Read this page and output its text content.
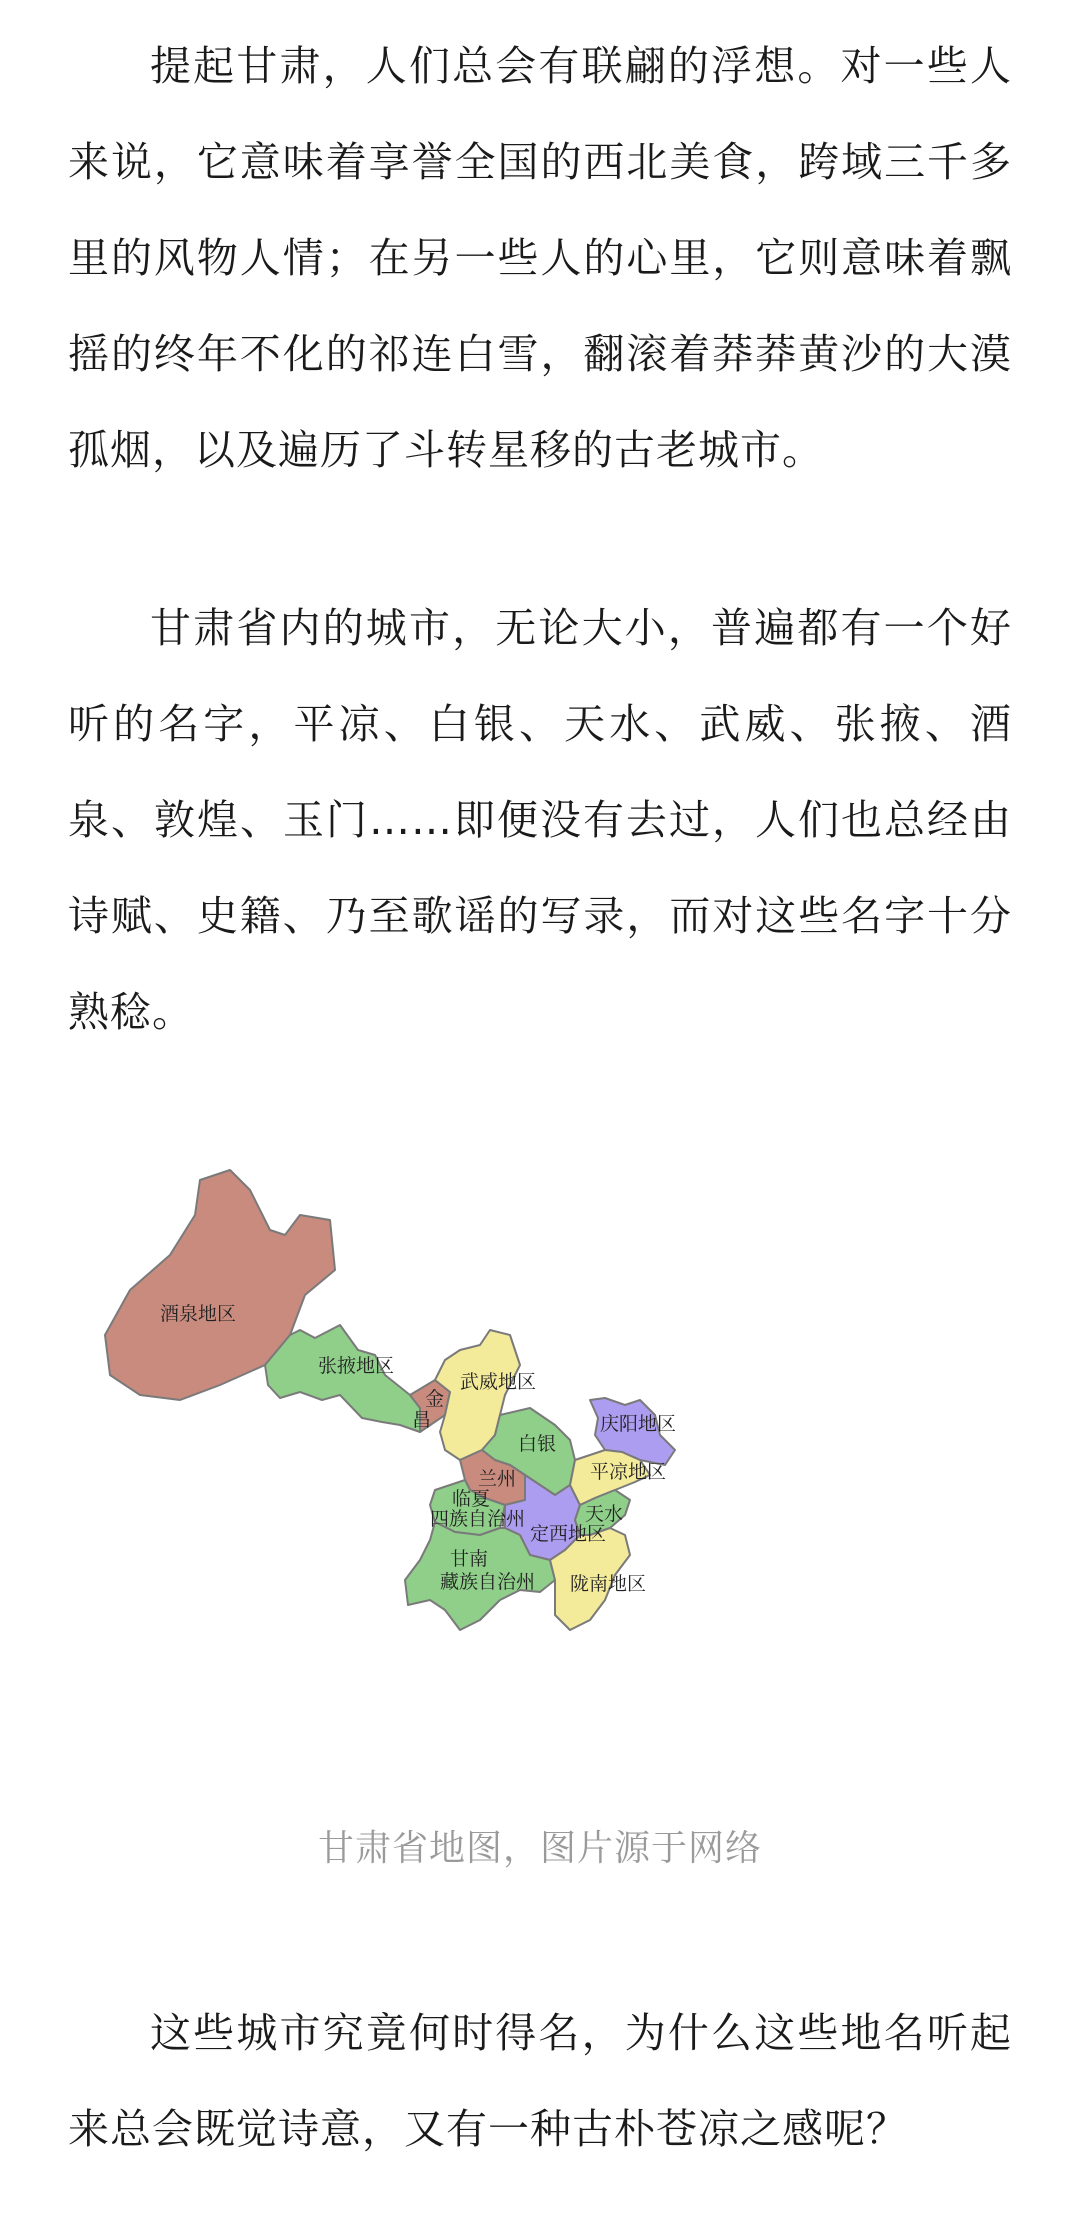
提起甘肃，人们总会有联翩的浮想。对一些人来说，它意味着享誉全国的西北美食，跨域三千多里的风物人情；在另一些人的心里，它则意味着飘摇的终年不化的祁连白雪，翻滚着莽莽黄沙的大漠孤烟，以及遍历了斗转星移的古老城市。

甘肃省内的城市，无论大小，普遍都有一个好听的名字，平凉、白银、天水、武威、张掖、酒泉、敦煌、玉门……即便没有去过，人们也总经由诗赋、史籍、乃至歌谣的写录，而对这些名字十分熟稔。

酒泉地区
张掖地区
金
昌
武威地区
白银
兰州
临夏
四族自治州
定西地区
甘南
藏族自治州
庆阳地区
平凉地区
天水
陇南地区
甘肃省地图，图片源于网络

这些城市究竟何时得名，为什么这些地名听起来总会既觉诗意，又有一种古朴苍凉之感呢？
